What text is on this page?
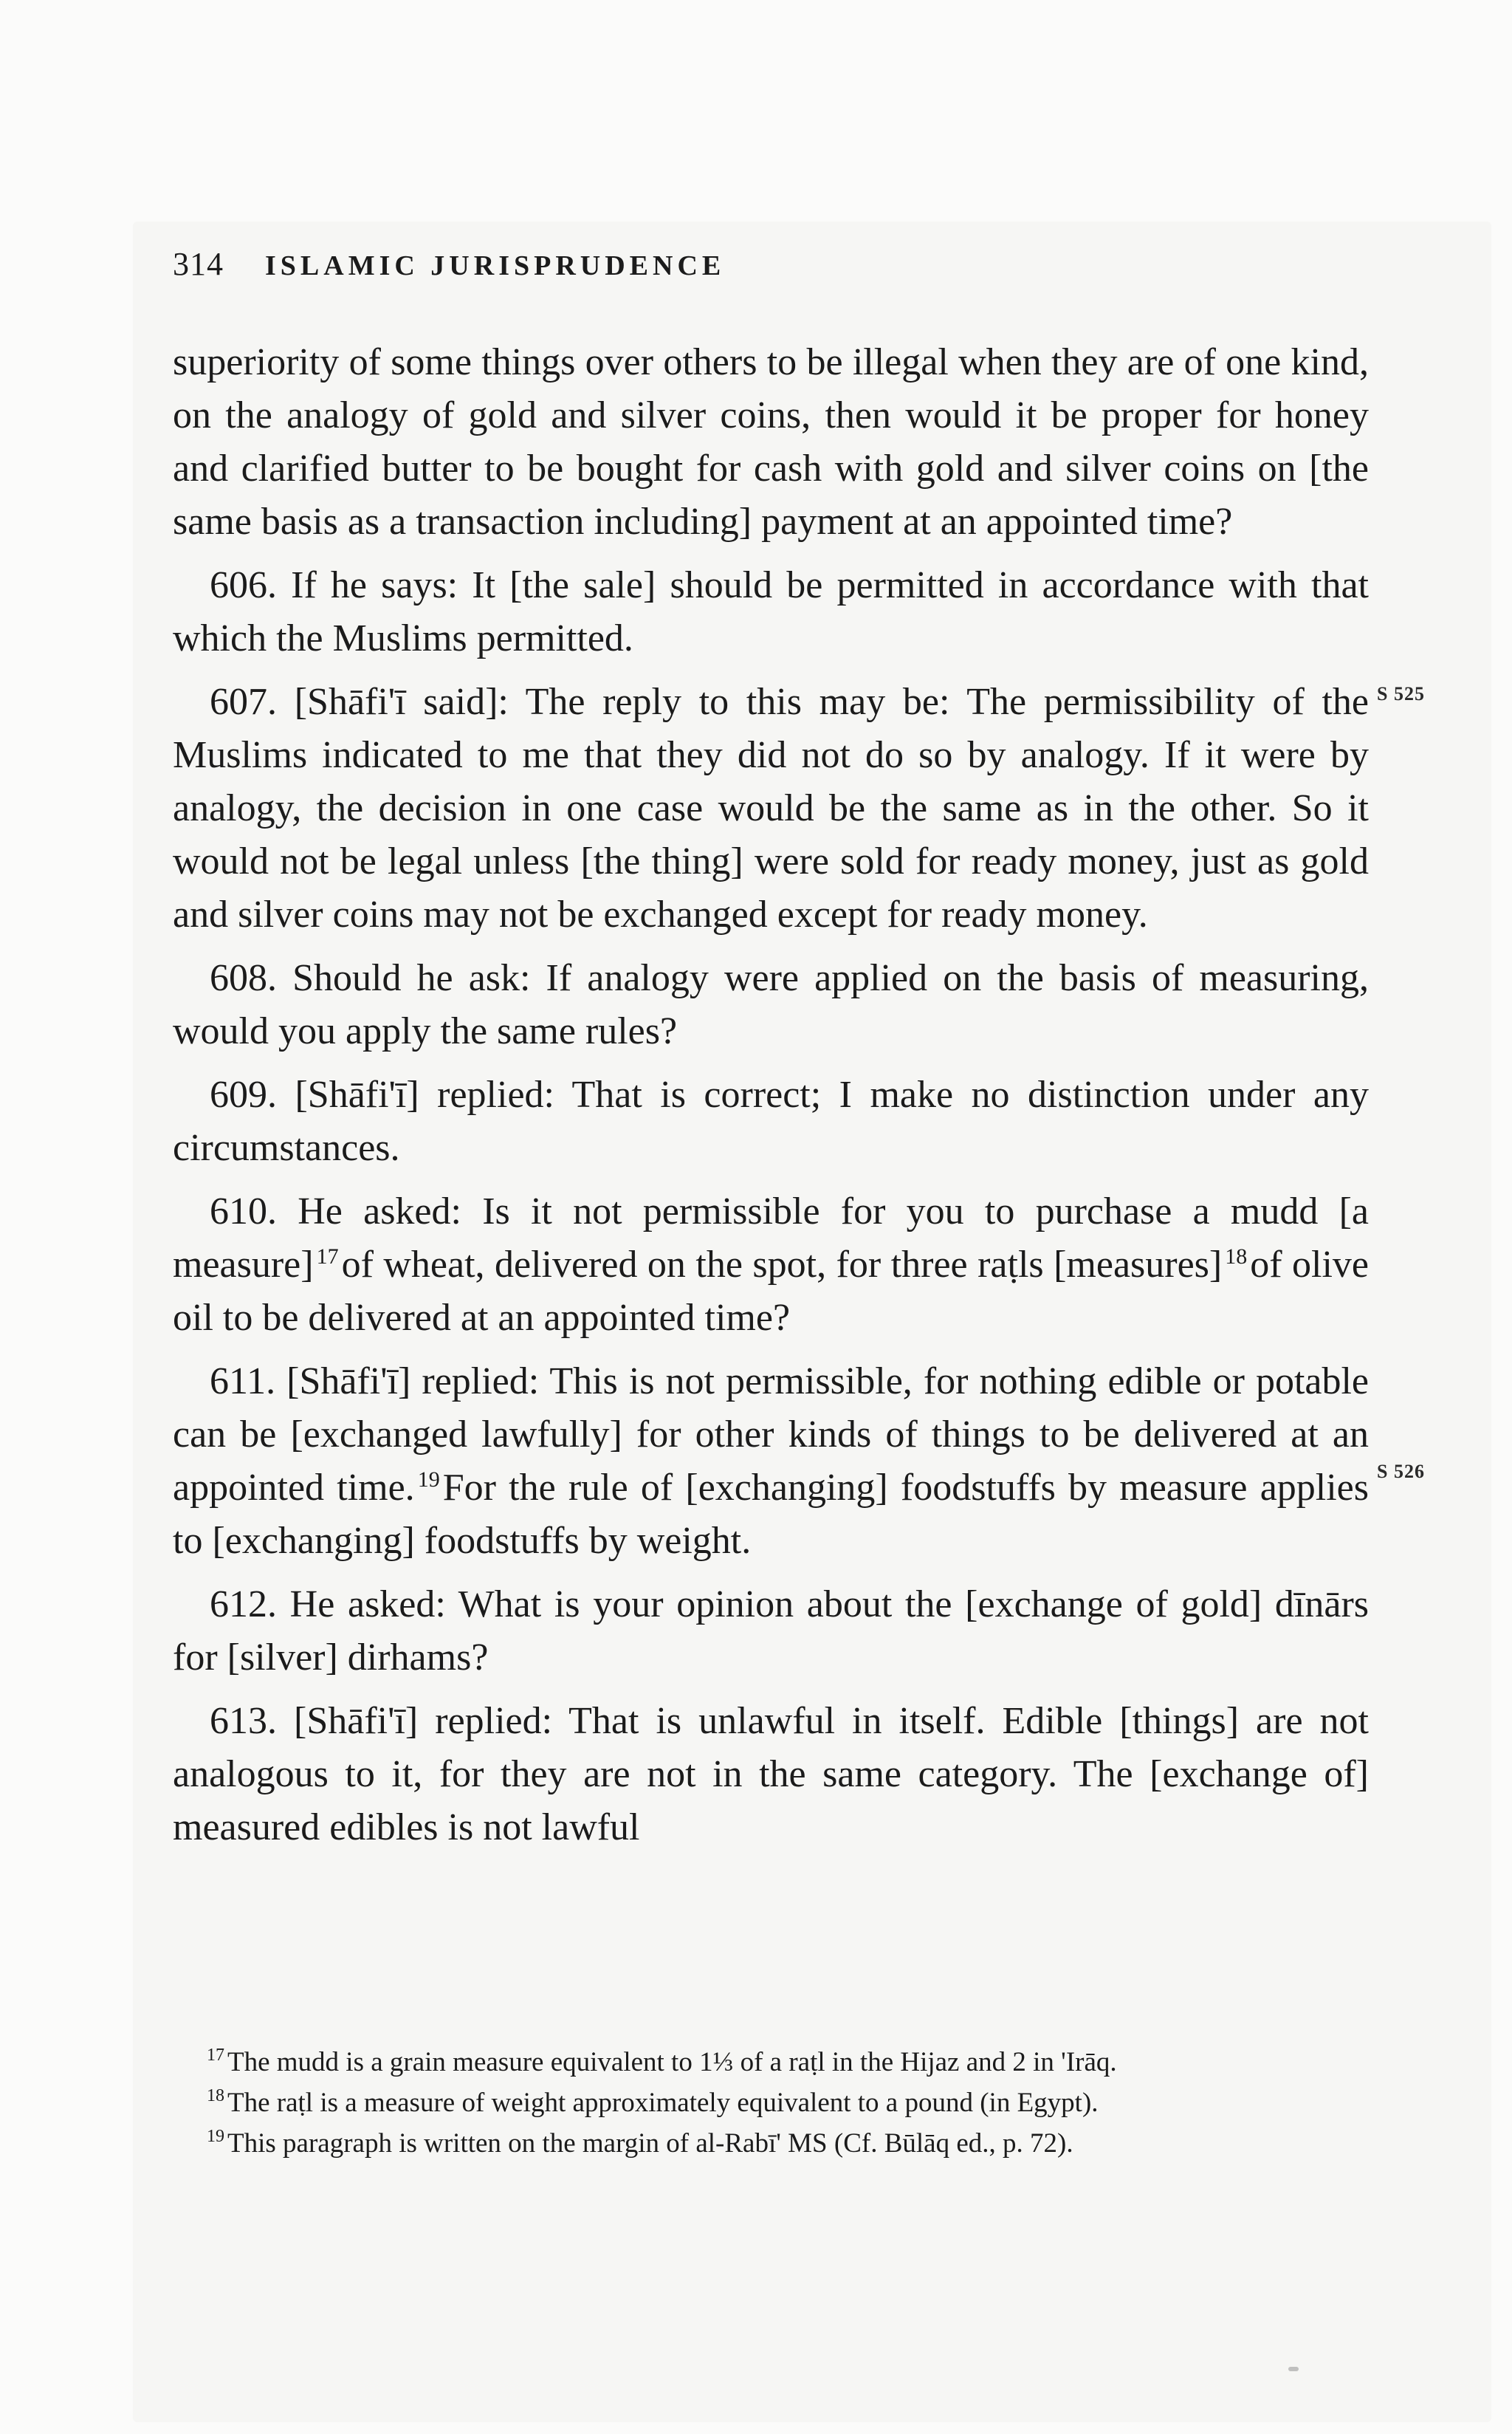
314 ISLAMIC JURISPRUDENCE

superiority of some things over others to be illegal when they are of one kind, on the analogy of gold and silver coins, then would it be proper for honey and clarified butter to be bought for cash with gold and silver coins on [the same basis as a transaction including] payment at an appointed time?

606. If he says: It [the sale] should be permitted in accordance with that which the Muslims permitted.

607. [Shāfi'ī said]: The reply to this may be: The permissibility of the Muslims indicated to me that they did not do so by analogy. If it were by analogy, the decision in one case would be the same as in the other. So it would not be legal unless [the thing] were sold for ready money, just as gold and silver coins may not be exchanged except for ready money.

608. Should he ask: If analogy were applied on the basis of measuring, would you apply the same rules?

609. [Shāfi'ī] replied: That is correct; I make no distinction under any circumstances.

610. He asked: Is it not permissible for you to purchase a mudd [a measure] $^{17}$of wheat, delivered on the spot, for three raṭls [measures] $^{18}$of olive oil to be delivered at an appointed time?

611. [Shāfi'ī] replied: This is not permissible, for nothing edible or potable can be [exchanged lawfully] for other kinds of things to be delivered at an appointed time. $^{19}$For the rule of [exchanging] foodstuffs by measure applies to [exchanging] foodstuffs by weight.

612. He asked: What is your opinion about the [exchange of gold] dīnārs for [silver] dirhams?

613. [Shāfi'ī] replied: That is unlawful in itself. Edible [things] are not analogous to it, for they are not in the same category. The [exchange of] measured edibles is not lawful

S 525
S 526

$^{17}$ The mudd is a grain measure equivalent to 1⅓ of a raṭl in the Hijaz and 2 in 'Irāq.

$^{18}$ The raṭl is a measure of weight approximately equivalent to a pound (in Egypt).

$^{19}$ This paragraph is written on the margin of al-Rabī' MS (Cf. Būlāq ed., p. 72).
